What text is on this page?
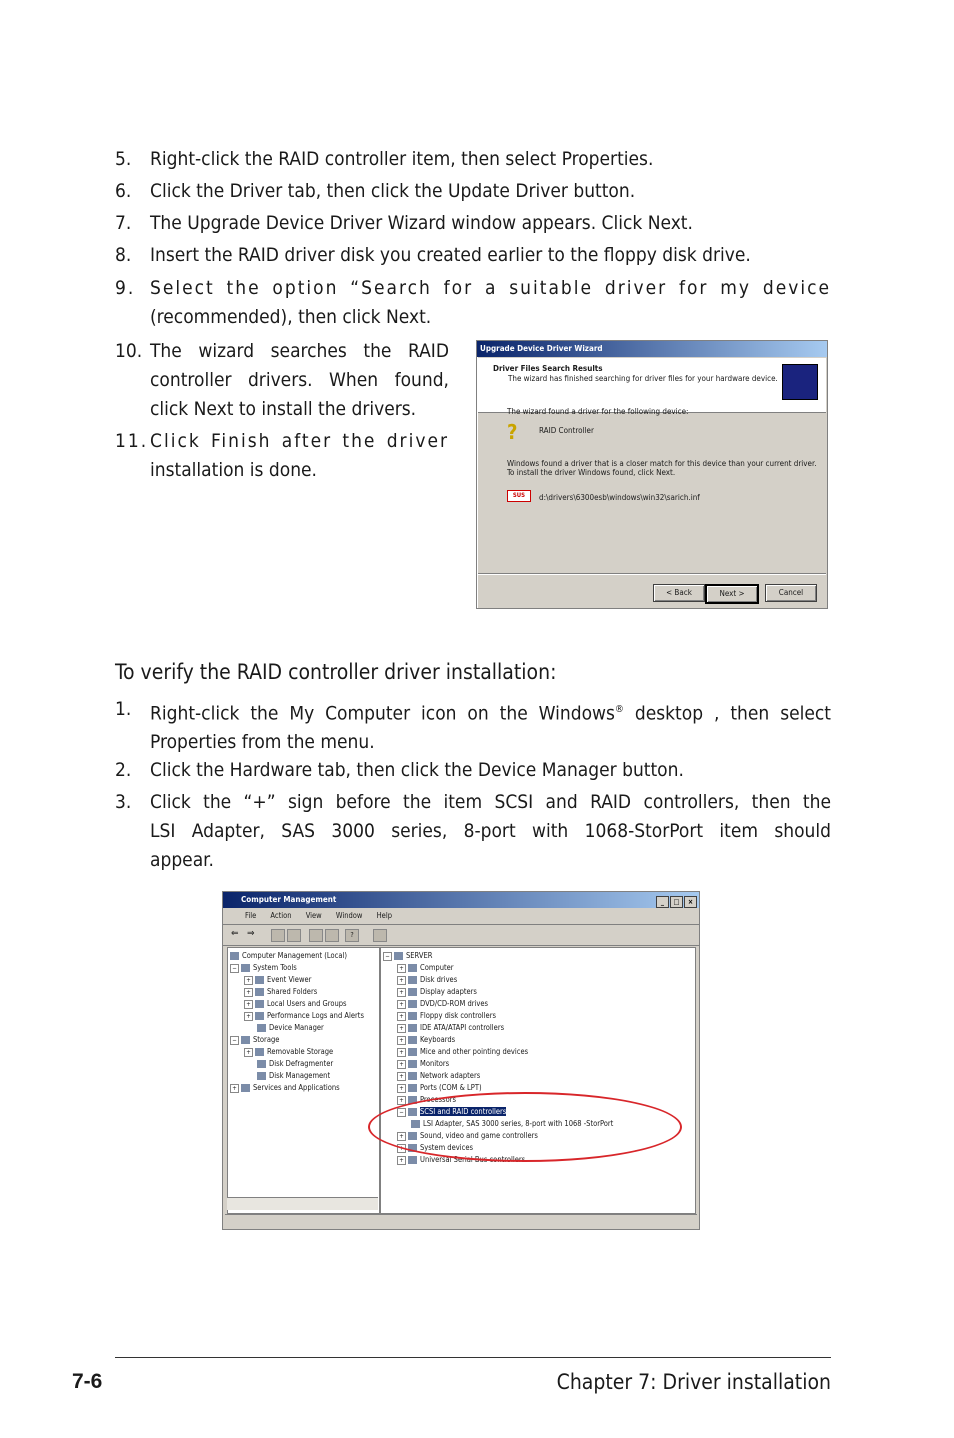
5. Right-click the RAID controller item, then select Properties.
6. Click the Driver tab, then click the Update Driver button.
7. The Upgrade Device Driver Wizard window appears. Click Next.
8. Insert the RAID driver disk you created earlier to the floppy disk drive.
9. Select the option “Search for a suitable driver for my device
(recommended), then click Next.
10. The wizard searches the RAID
controller drivers. When found,
click Next to install the drivers.
11. Click Finish after the driver
installation is done.
Upgrade Device Driver Wizard
Driver Files Search Results
The wizard has finished searching for driver files for your hardware device.
The wizard found a driver for the following device:
?	RAID Controller
Windows found a driver that is a closer match for this device than your current driver.
To install the driver Windows found, click Next.
SUS	d:\drivers\6300esb\windows\win32\sarich.inf
< Back	Next >	Cancel
To verify the RAID controller driver installation:
1. Right-click the My Computer icon on the Windows® desktop , then select
Properties from the menu.
2. Click the Hardware tab, then click the Device Manager button.
3. Click the “+” sign before the item SCSI and RAID controllers, then the
LSI Adapter, SAS 3000 series, 8-port with 1068-StorPort item should
appear.
Computer Management	_ □ ×
File Action View Window Help
⇐ ⇒	?
Computer Management (Local)
− System Tools
+ Event Viewer
+ Shared Folders
+ Local Users and Groups
+ Performance Logs and Alerts
Device Manager
− Storage
+ Removable Storage
Disk Defragmenter
Disk Management
+ Services and Applications
− SERVER
+ Computer
+ Disk drives
+ Display adapters
+ DVD/CD-ROM drives
+ Floppy disk controllers
+ IDE ATA/ATAPI controllers
+ Keyboards
+ Mice and other pointing devices
+ Monitors
+ Network adapters
+ Ports (COM & LPT)
+ Processors
− SCSI and RAID controllers
LSI Adapter, SAS 3000 series, 8-port with 1068 -StorPort
+ Sound, video and game controllers
+ System devices
+ Universal Serial Bus controllers
7-6	Chapter 7: Driver installation
